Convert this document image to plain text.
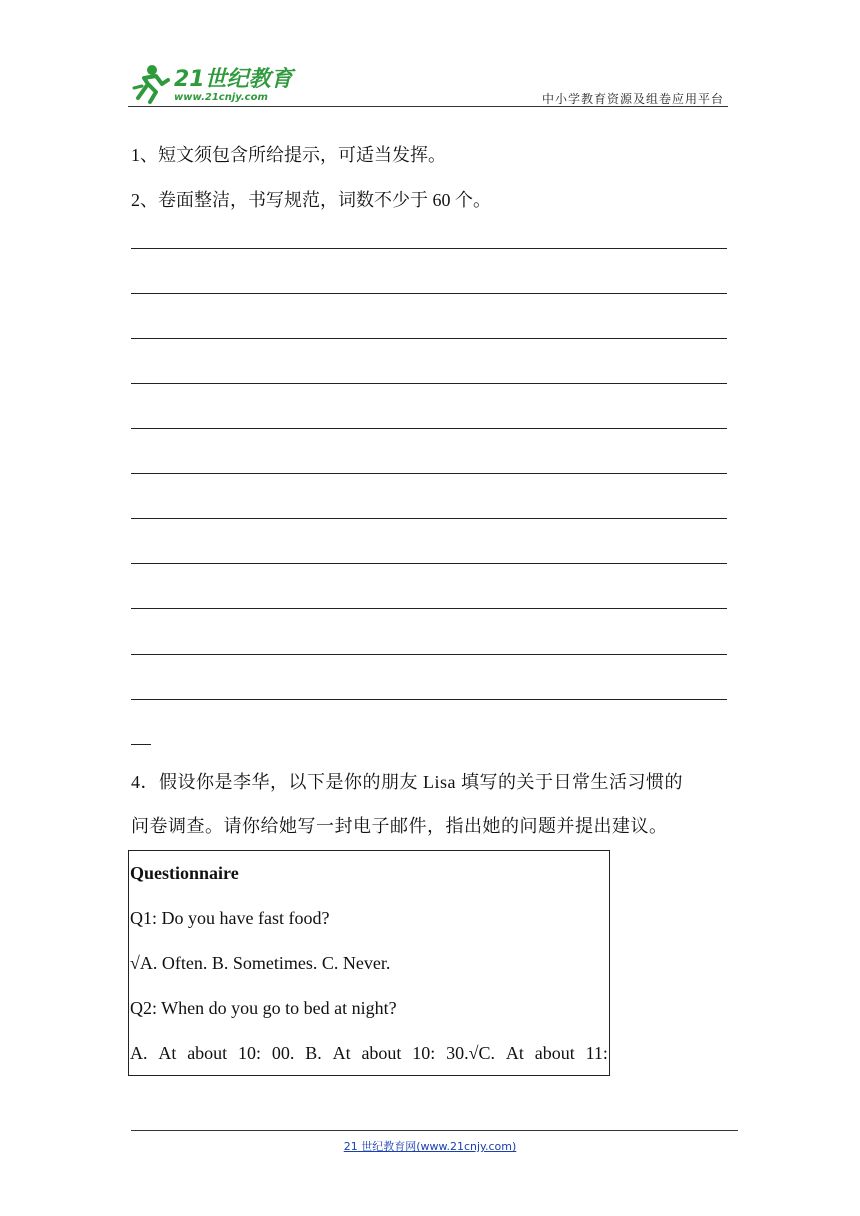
21世纪教育
www.21cnjy.com	中小学教育资源及组卷应用平台
1、短文须包含所给提示，可适当发挥。
2、卷面整洁，书写规范，词数不少于 60 个。
4．假设你是李华，以下是你的朋友 Lisa 填写的关于日常生活习惯的
问卷调查。请你给她写一封电子邮件，指出她的问题并提出建议。
Questionnaire
Q1: Do you have fast food?
√A. Often. B. Sometimes. C. Never.
Q2: When do you go to bed at night?
A. At about 10: 00. B. At about 10: 30.√C. At about 11:
21 世纪教育网(www.21cnjy.com)
